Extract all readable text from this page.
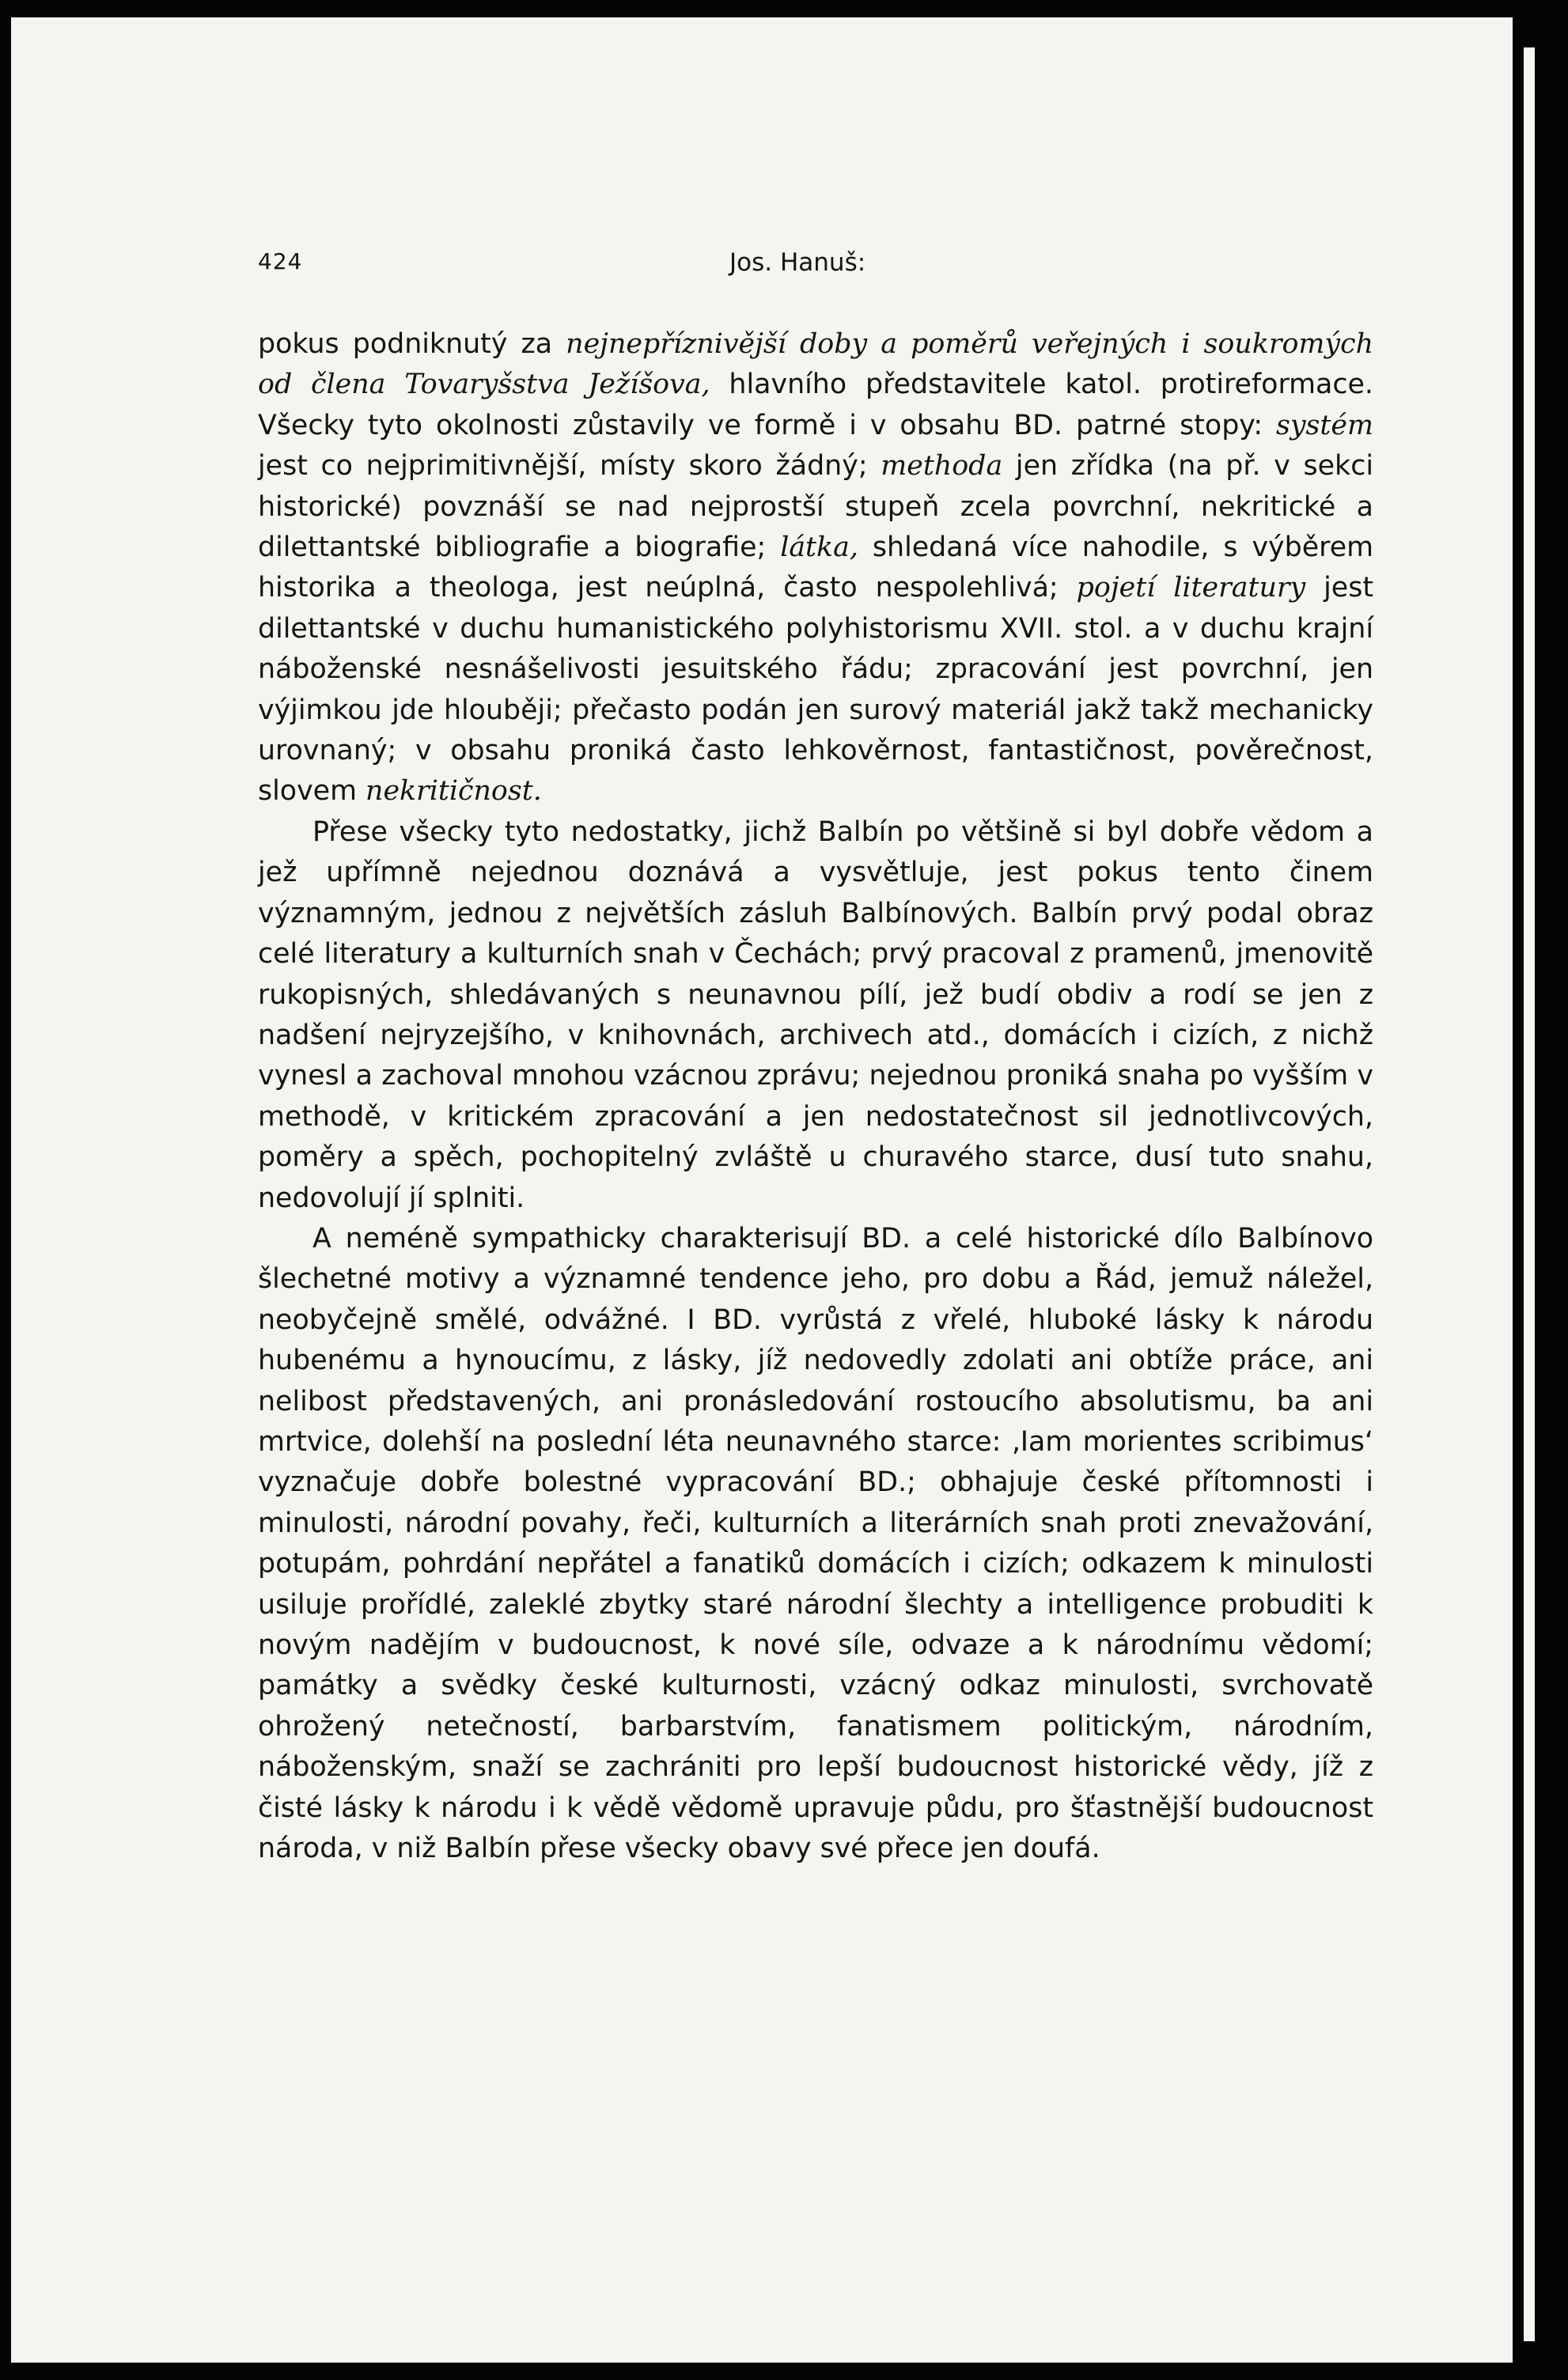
424	Jos. Hanuš:

pokus podniknutý za nejnepříznivější doby a poměrů veřejných i soukromých od člena Tovaryšstva Ježíšova, hlavního představitele katol. protireformace. Všecky tyto okolnosti zůstavily ve formě i v obsahu BD. patrné stopy: systém jest co nejprimitivnější, místy skoro žádný; methoda jen zřídka (na př. v sekci historické) povznáší se nad nejprostší stupeň zcela povrchní, nekritické a dilettantské bibliografie a biografie; látka, shledaná více nahodile, s výběrem historika a theologa, jest neúplná, často nespolehlivá; pojetí literatury jest dilettantské v duchu humanistického polyhistorismu XVII. stol. a v duchu krajní náboženské nesnášelivosti jesuitského řádu; zpracování jest povrchní, jen výjimkou jde hlouběji; přečasto podán jen surový materiál jakž takž mechanicky urovnaný; v obsahu proniká často lehkověrnost, fantastičnost, pověrečnost, slovem nekritičnost.

Přese všecky tyto nedostatky, jichž Balbín po většině si byl dobře vědom a jež upřímně nejednou doznává a vysvětluje, jest pokus tento činem významným, jednou z největších zásluh Balbínových. Balbín prvý podal obraz celé literatury a kulturních snah v Čechách; prvý pracoval z pramenů, jmenovitě rukopisných, shledávaných s neunavnou pílí, jež budí obdiv a rodí se jen z nadšení nejryzejšího, v knihovnách, archivech atd., domácích i cizích, z nichž vynesl a zachoval mnohou vzácnou zprávu; nejednou proniká snaha po vyšším v methodě, v kritickém zpracování a jen nedostatečnost sil jednotlivcových, poměry a spěch, pochopitelný zvláště u churavého starce, dusí tuto snahu, nedovolují jí splniti.

A neméně sympathicky charakterisují BD. a celé historické dílo Balbínovo šlechetné motivy a významné tendence jeho, pro dobu a Řád, jemuž náležel, neobyčejně smělé, odvážné. I BD. vyrůstá z vřelé, hluboké lásky k národu hubenému a hynoucímu, z lásky, jíž nedovedly zdolati ani obtíže práce, ani nelibost představených, ani pronásledování rostoucího absolutismu, ba ani mrtvice, dolehší na poslední léta neunavného starce: ‚Iam morientes scribimus‘ vyznačuje dobře bolestné vypracování BD.; obhajuje české přítomnosti i minulosti, národní povahy, řeči, kulturních a literárních snah proti znevažování, potupám, pohrdání nepřátel a fanatiků domácích i cizích; odkazem k minulosti usiluje prořídlé, zaleklé zbytky staré národní šlechty a intelligence probuditi k novým nadějím v budoucnost, k nové síle, odvaze a k národnímu vědomí; památky a svědky české kulturnosti, vzácný odkaz minulosti, svrchovatě ohrožený netečností, barbarstvím, fanatismem politickým, národním, náboženským, snaží se zachrániti pro lepší budoucnost historické vědy, jíž z čisté lásky k národu i k vědě vědomě upravuje půdu, pro šťastnější budoucnost národa, v niž Balbín přese všecky obavy své přece jen doufá.
